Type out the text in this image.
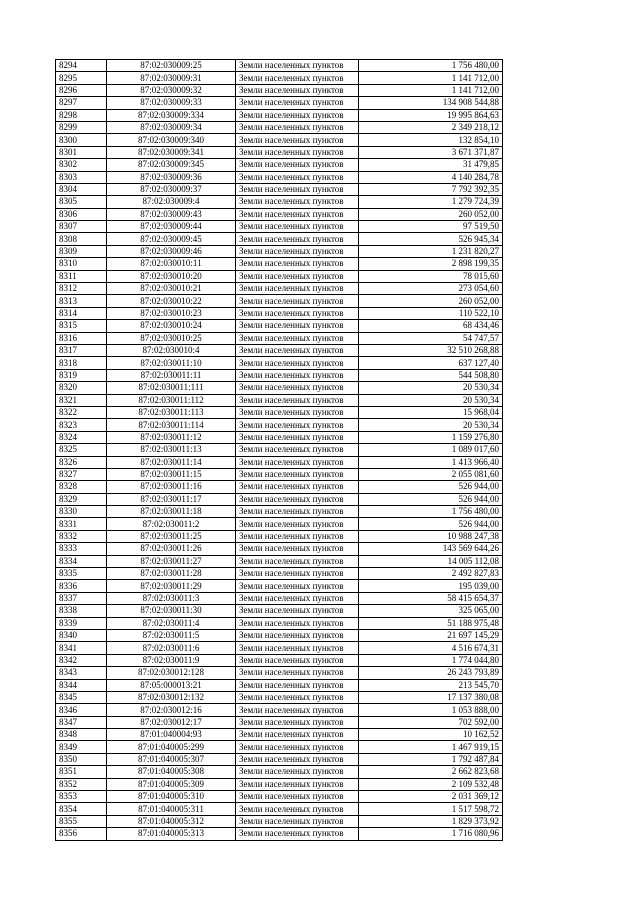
8294	87:02:030009:25	Земли населенных пунктов	1 756 480,00
8295	87:02:030009:31	Земли населенных пунктов	1 141 712,00
8296	87:02:030009:32	Земли населенных пунктов	1 141 712,00
8297	87:02:030009:33	Земли населенных пунктов	134 908 544,88
8298	87:02:030009:334	Земли населенных пунктов	19 995 864,63
8299	87:02:030009:34	Земли населенных пунктов	2 349 218,12
8300	87:02:030009:340	Земли населенных пунктов	132 854,10
8301	87:02:030009:341	Земли населенных пунктов	3 671 371,87
8302	87:02:030009:345	Земли населенных пунктов	31 479,85
8303	87:02:030009:36	Земли населенных пунктов	4 140 284,78
8304	87:02:030009:37	Земли населенных пунктов	7 792 392,35
8305	87:02:030009:4	Земли населенных пунктов	1 279 724,39
8306	87:02:030009:43	Земли населенных пунктов	260 052,00
8307	87:02:030009:44	Земли населенных пунктов	97 519,50
8308	87:02:030009:45	Земли населенных пунктов	526 945,34
8309	87:02:030009:46	Земли населенных пунктов	1 231 820,27
8310	87:02:030010:11	Земли населенных пунктов	2 898 199,35
8311	87:02:030010:20	Земли населенных пунктов	78 015,60
8312	87:02:030010:21	Земли населенных пунктов	273 054,60
8313	87:02:030010:22	Земли населенных пунктов	260 052,00
8314	87:02:030010:23	Земли населенных пунктов	110 522,10
8315	87:02:030010:24	Земли населенных пунктов	68 434,46
8316	87:02:030010:25	Земли населенных пунктов	54 747,57
8317	87:02:030010:4	Земли населенных пунктов	32 510 268,88
8318	87:02:030011:10	Земли населенных пунктов	637 127,40
8319	87:02:030011:11	Земли населенных пунктов	544 508,80
8320	87:02:030011:111	Земли населенных пунктов	20 530,34
8321	87:02:030011:112	Земли населенных пунктов	20 530,34
8322	87:02:030011:113	Земли населенных пунктов	15 968,04
8323	87:02:030011:114	Земли населенных пунктов	20 530,34
8324	87:02:030011:12	Земли населенных пунктов	1 159 276,80
8325	87:02:030011:13	Земли населенных пунктов	1 089 017,60
8326	87:02:030011:14	Земли населенных пунктов	1 413 966,40
8327	87:02:030011:15	Земли населенных пунктов	2 055 081,60
8328	87:02:030011:16	Земли населенных пунктов	526 944,00
8329	87:02:030011:17	Земли населенных пунктов	526 944,00
8330	87:02:030011:18	Земли населенных пунктов	1 756 480,00
8331	87:02:030011:2	Земли населенных пунктов	526 944,00
8332	87:02:030011:25	Земли населенных пунктов	10 988 247,38
8333	87:02:030011:26	Земли населенных пунктов	143 569 644,26
8334	87:02:030011:27	Земли населенных пунктов	14 005 112,08
8335	87:02:030011:28	Земли населенных пунктов	2 492 827,83
8336	87:02:030011:29	Земли населенных пунктов	195 039,00
8337	87:02:030011:3	Земли населенных пунктов	58 415 654,37
8338	87:02:030011:30	Земли населенных пунктов	325 065,00
8339	87:02:030011:4	Земли населенных пунктов	51 188 975,48
8340	87:02:030011:5	Земли населенных пунктов	21 697 145,29
8341	87:02:030011:6	Земли населенных пунктов	4 516 674,31
8342	87:02:030011:9	Земли населенных пунктов	1 774 044,80
8343	87:02:030012:128	Земли населенных пунктов	26 243 793,89
8344	87:05:000013:21	Земли населенных пунктов	213 545,70
8345	87:02:030012:132	Земли населенных пунктов	17 137 380,08
8346	87:02:030012:16	Земли населенных пунктов	1 053 888,00
8347	87:02:030012:17	Земли населенных пунктов	702 592,00
8348	87:01:040004:93	Земли населенных пунктов	10 162,52
8349	87:01:040005:299	Земли населенных пунктов	1 467 919,15
8350	87:01:040005:307	Земли населенных пунктов	1 792 487,84
8351	87:01:040005:308	Земли населенных пунктов	2 662 823,68
8352	87:01:040005:309	Земли населенных пунктов	2 109 532,48
8353	87:01:040005:310	Земли населенных пунктов	2 031 369,12
8354	87:01:040005:311	Земли населенных пунктов	1 517 598,72
8355	87:01:040005:312	Земли населенных пунктов	1 829 373,92
8356	87:01:040005:313	Земли населенных пунктов	1 716 080,96
